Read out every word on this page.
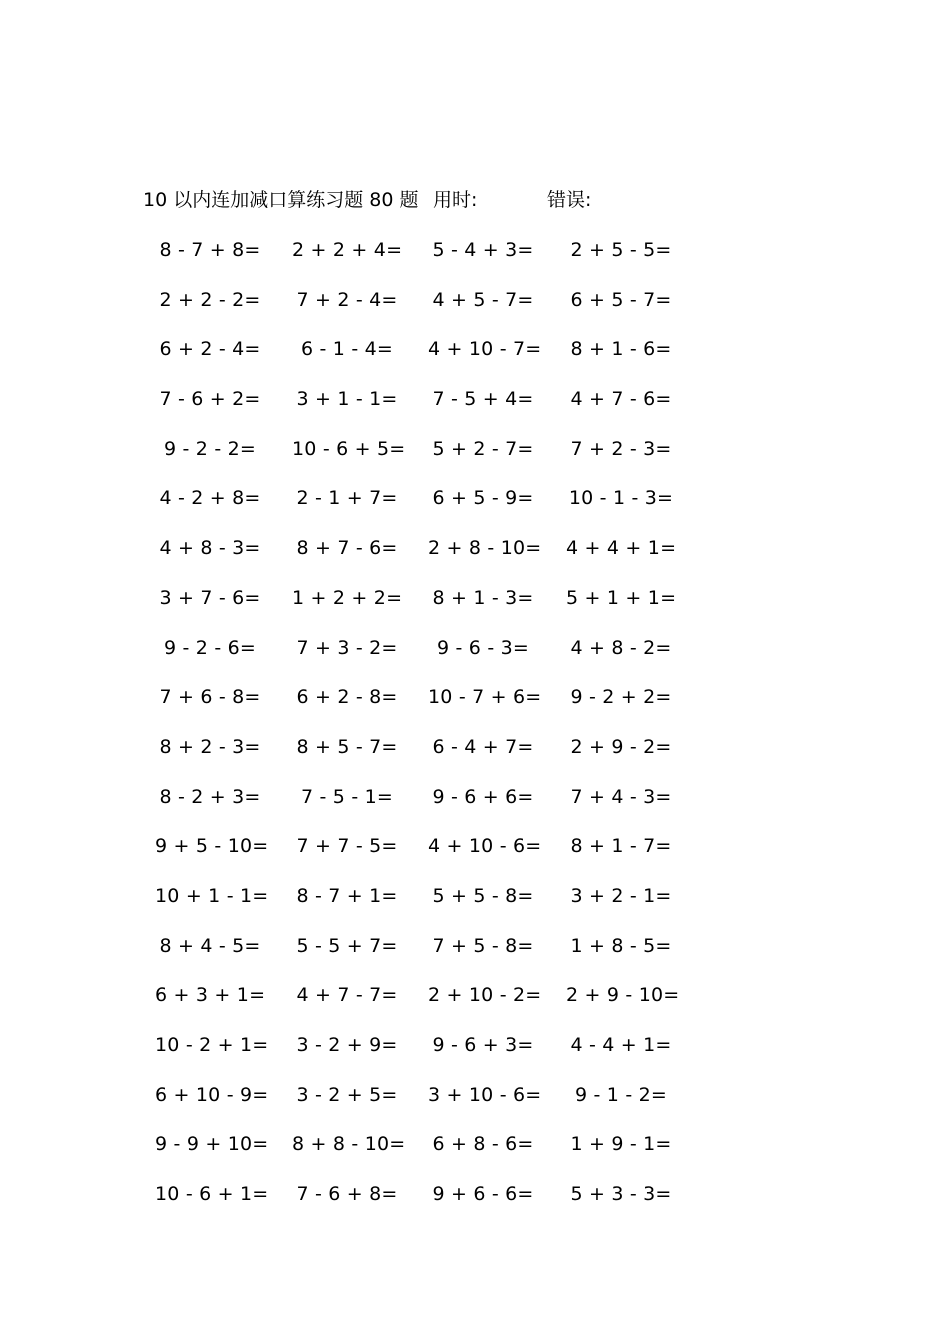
10 以内连加减口算练习题 80 题 用时:	错误:
8 - 7 + 8= 2 + 2 + 4= 5 - 4 + 3= 2 + 5 - 5=
2 + 2 - 2= 7 + 2 - 4= 4 + 5 - 7= 6 + 5 - 7=
6 + 2 - 4=	6 - 1 - 4=	4 + 10 - 7= 8 + 1 - 6=
7 - 6 + 2= 3 + 1 - 1= 7 - 5 + 4= 4 + 7 - 6=
9 - 2 - 2=	10 - 6 + 5= 5 + 2 - 7= 7 + 2 - 3=
4 - 2 + 8= 2 - 1 + 7= 6 + 5 - 9= 10 - 1 - 3=
4 + 8 - 3= 8 + 7 - 6= 2 + 8 - 10= 4 + 4 + 1=
3 + 7 - 6= 1 + 2 + 2= 8 + 1 - 3= 5 + 1 + 1=
9 - 2 - 6=	7 + 3 - 2=	9 - 6 - 3=	4 + 8 - 2=
7 + 6 - 8= 6 + 2 - 8= 10 - 7 + 6= 9 - 2 + 2=
8 + 2 - 3= 8 + 5 - 7= 6 - 4 + 7= 2 + 9 - 2=
8 - 2 + 3=	7 - 5 - 1=	9 - 6 + 6= 7 + 4 - 3=
9 + 5 - 10= 7 + 7 - 5= 4 + 10 - 6= 8 + 1 - 7=
10 + 1 - 1= 8 - 7 + 1= 5 + 5 - 8= 3 + 2 - 1=
8 + 4 - 5= 5 - 5 + 7= 7 + 5 - 8= 1 + 8 - 5=
6 + 3 + 1= 4 + 7 - 7= 2 + 10 - 2= 2 + 9 - 10=
10 - 2 + 1= 3 - 2 + 9= 9 - 6 + 3= 4 - 4 + 1=
6 + 10 - 9= 3 - 2 + 5= 3 + 10 - 6=	9 - 1 - 2=
9 - 9 + 10= 8 + 8 - 10= 6 + 8 - 6= 1 + 9 - 1=
10 - 6 + 1= 7 - 6 + 8= 9 + 6 - 6= 5 + 3 - 3=
